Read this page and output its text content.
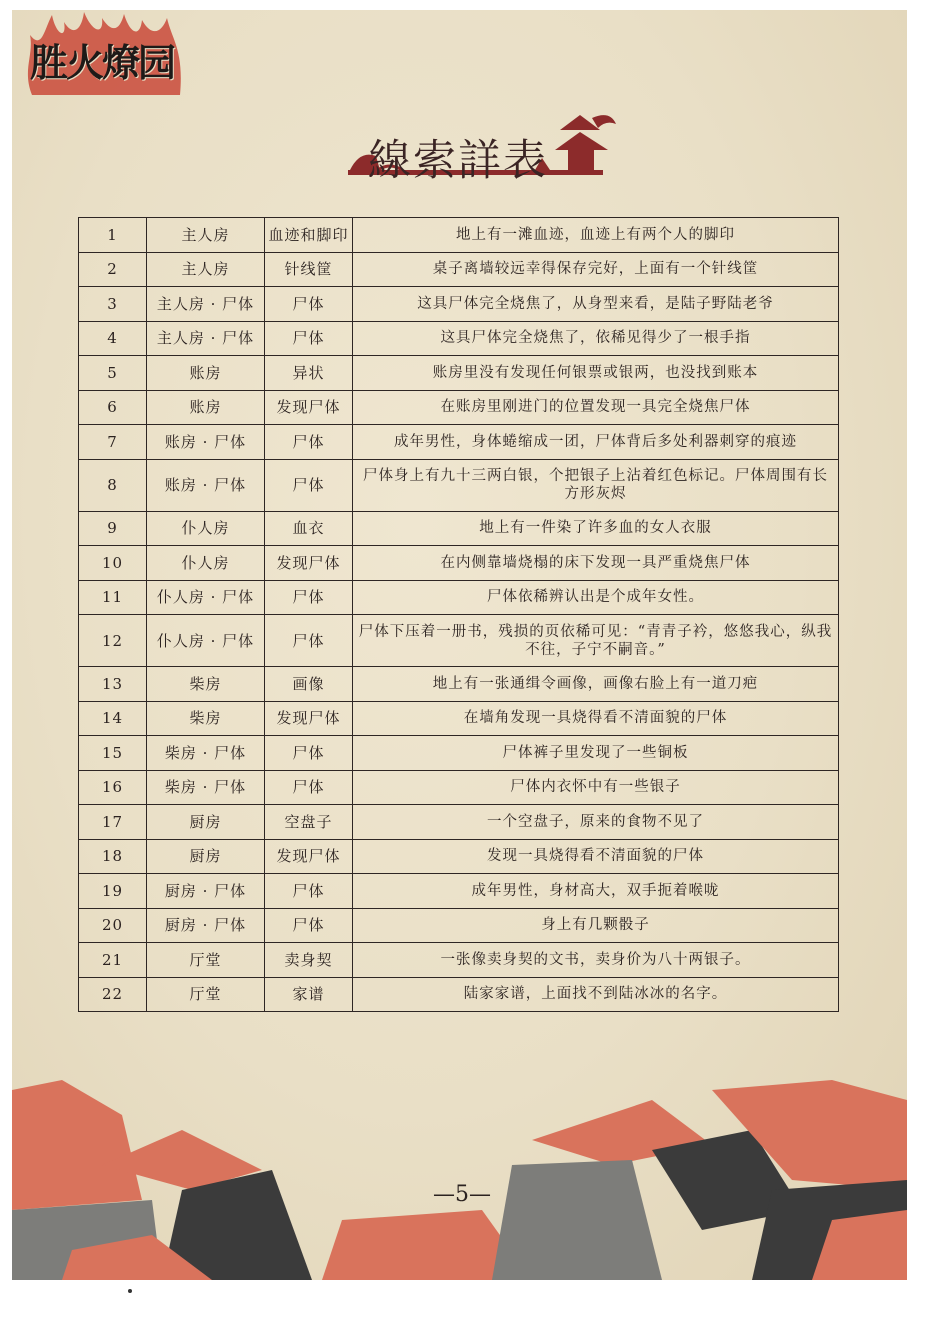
胜火燎园
線索詳表
1	主人房	血迹和脚印	地上有一滩血迹，血迹上有两个人的脚印
2	主人房	针线筐	桌子离墙较远幸得保存完好，上面有一个针线筐
3	主人房 · 尸体	尸体	这具尸体完全烧焦了，从身型来看，是陆子野陆老爷
4	主人房 · 尸体	尸体	这具尸体完全烧焦了，依稀见得少了一根手指
5	账房	异状	账房里没有发现任何银票或银两，也没找到账本
6	账房	发现尸体	在账房里刚进门的位置发现一具完全烧焦尸体
7	账房 · 尸体	尸体	成年男性，身体蜷缩成一团，尸体背后多处利器刺穿的痕迹
8	账房 · 尸体	尸体	尸体身上有九十三两白银，个把银子上沾着红色标记。尸体周围有长方形灰烬
9	仆人房	血衣	地上有一件染了许多血的女人衣服
10	仆人房	发现尸体	在内侧靠墙烧榻的床下发现一具严重烧焦尸体
11	仆人房 · 尸体	尸体	尸体依稀辨认出是个成年女性。
12	仆人房 · 尸体	尸体	尸体下压着一册书，残损的页依稀可见：“青青子衿，悠悠我心，纵我不往，子宁不嗣音。”
13	柴房	画像	地上有一张通缉令画像，画像右脸上有一道刀疤
14	柴房	发现尸体	在墙角发现一具烧得看不清面貌的尸体
15	柴房 · 尸体	尸体	尸体裤子里发现了一些铜板
16	柴房 · 尸体	尸体	尸体内衣怀中有一些银子
17	厨房	空盘子	一个空盘子，原来的食物不见了
18	厨房	发现尸体	发现一具烧得看不清面貌的尸体
19	厨房 · 尸体	尸体	成年男性，身材高大，双手扼着喉咙
20	厨房 · 尸体	尸体	身上有几颗骰子
21	厅堂	卖身契	一张像卖身契的文书，卖身价为八十两银子。
22	厅堂	家谱	陆家家谱，上面找不到陆冰冰的名字。
—5—
